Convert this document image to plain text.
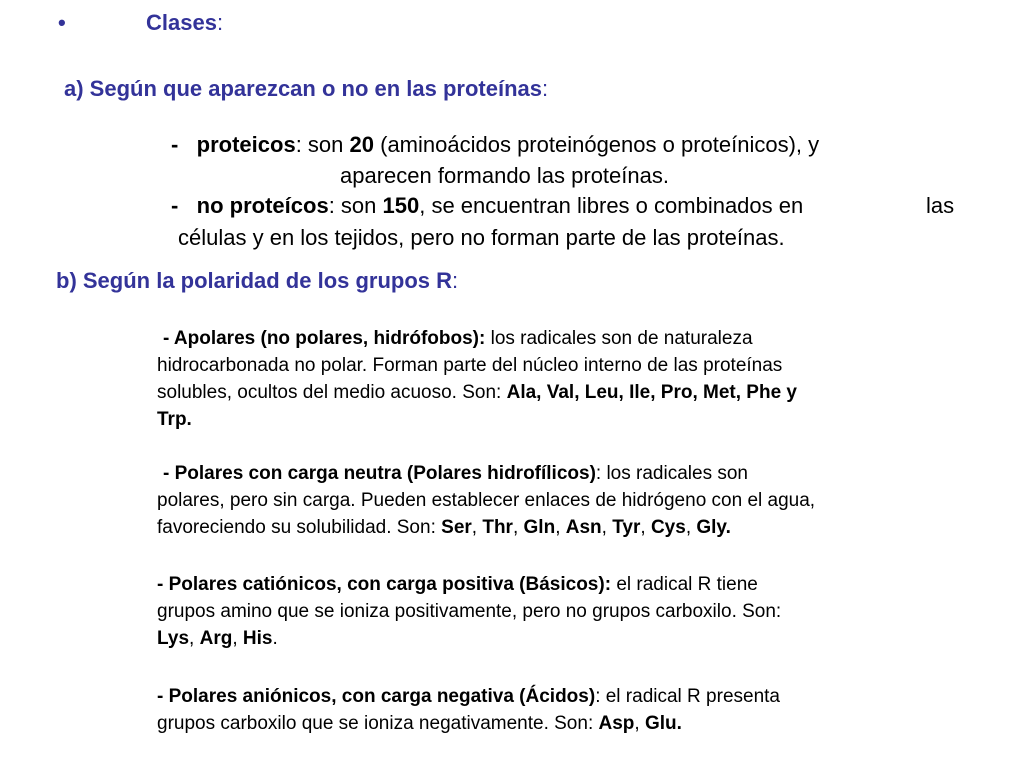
•	Clases:
a) Según que aparezcan o no en las proteínas:
- proteicos: son 20 (aminoácidos proteinógenos o proteínicos), y
aparecen formando las proteínas.
- no proteícos: son 150, se encuentran libres o combinados en	las
células y en los tejidos, pero no forman parte de las proteínas.
b) Según la polaridad de los grupos R:
- Apolares (no polares, hidrófobos): los radicales son de naturaleza
hidrocarbonada no polar. Forman parte del núcleo interno de las proteínas
solubles, ocultos del medio acuoso. Son: Ala, Val, Leu, Ile, Pro, Met, Phe y
Trp.
- Polares con carga neutra (Polares hidrofílicos): los radicales son
polares, pero sin carga. Pueden establecer enlaces de hidrógeno con el agua,
favoreciendo su solubilidad. Son: Ser, Thr, Gln, Asn, Tyr, Cys, Gly.
- Polares catiónicos, con carga positiva (Básicos): el radical R tiene
grupos amino que se ioniza positivamente, pero no grupos carboxilo. Son:
Lys, Arg, His.
- Polares aniónicos, con carga negativa (Ácidos): el radical R presenta
grupos carboxilo que se ioniza negativamente. Son: Asp, Glu.
